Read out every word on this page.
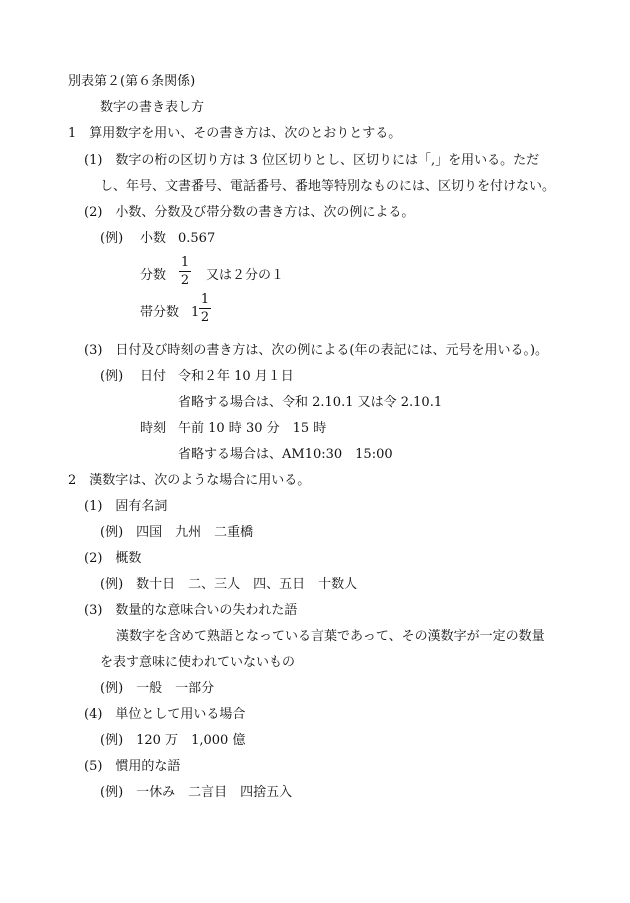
別表第２(第６条関係)
数字の書き表し方
1　算用数字を用い、その書き方は、次のとおりとする。
(1)　数字の桁の区切り方は 3 位区切りとし、区切りには「,」を用いる。ただ
し、年号、文書番号、電話番号、番地等特別なものには、区切りを付けない。
(2)　小数、分数及び帯分数の書き方は、次の例による。
(例) 小数 0.567
分数
1
2 又は２分の１
帯分数 1
1
2
(3)　日付及び時刻の書き方は、次の例による(年の表記には、元号を用いる。)。
(例) 日付 令和２年 10 月１日
省略する場合は、令和 2.10.1 又は令 2.10.1
時刻 午前 10 時 30 分　15 時
省略する場合は、AM10:30　15:00
2　漢数字は、次のような場合に用いる。
(1)　固有名詞
(例)　四国　九州　二重橋
(2)　概数
(例)　数十日　二、三人　四、五日　十数人
(3)　数量的な意味合いの失われた語
漢数字を含めて熟語となっている言葉であって、その漢数字が一定の数量
を表す意味に使われていないもの
(例)　一般　一部分
(4)　単位として用いる場合
(例)　120 万　1,000 億
(5)　慣用的な語
(例)　一休み　二言目　四捨五入
